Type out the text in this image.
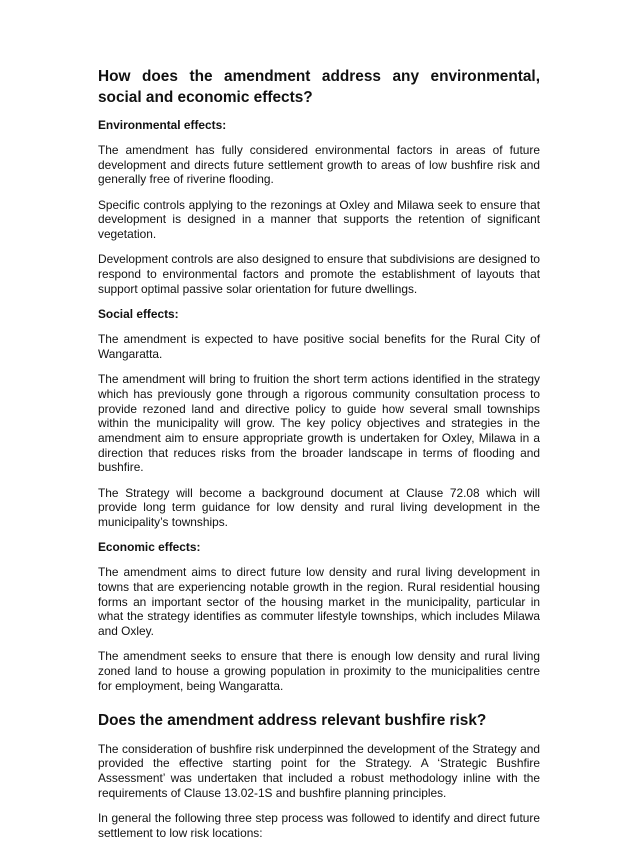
How does the amendment address any environmental, social and economic effects?
Environmental effects:

The amendment has fully considered environmental factors in areas of future development and directs future settlement growth to areas of low bushfire risk and generally free of riverine flooding.

Specific controls applying to the rezonings at Oxley and Milawa seek to ensure that development is designed in a manner that supports the retention of significant vegetation.

Development controls are also designed to ensure that subdivisions are designed to respond to environmental factors and promote the establishment of layouts that support optimal passive solar orientation for future dwellings.

Social effects:

The amendment is expected to have positive social benefits for the Rural City of Wangaratta.

The amendment will bring to fruition the short term actions identified in the strategy which has previously gone through a rigorous community consultation process to provide rezoned land and directive policy to guide how several small townships within the municipality will grow. The key policy objectives and strategies in the amendment aim to ensure appropriate growth is undertaken for Oxley, Milawa in a direction that reduces risks from the broader landscape in terms of flooding and bushfire.

The Strategy will become a background document at Clause 72.08 which will provide long term guidance for low density and rural living development in the municipality’s townships.

Economic effects:

The amendment aims to direct future low density and rural living development in towns that are experiencing notable growth in the region. Rural residential housing forms an important sector of the housing market in the municipality, particular in what the strategy identifies as commuter lifestyle townships, which includes Milawa and Oxley.

The amendment seeks to ensure that there is enough low density and rural living zoned land to house a growing population in proximity to the municipalities centre for employment, being Wangaratta.

Does the amendment address relevant bushfire risk?

The consideration of bushfire risk underpinned the development of the Strategy and provided the effective starting point for the Strategy. A ‘Strategic Bushfire Assessment’ was undertaken that included a robust methodology inline with the requirements of Clause 13.02-1S and bushfire planning principles.

In general the following three step process was followed to identify and direct future settlement to low risk locations:
